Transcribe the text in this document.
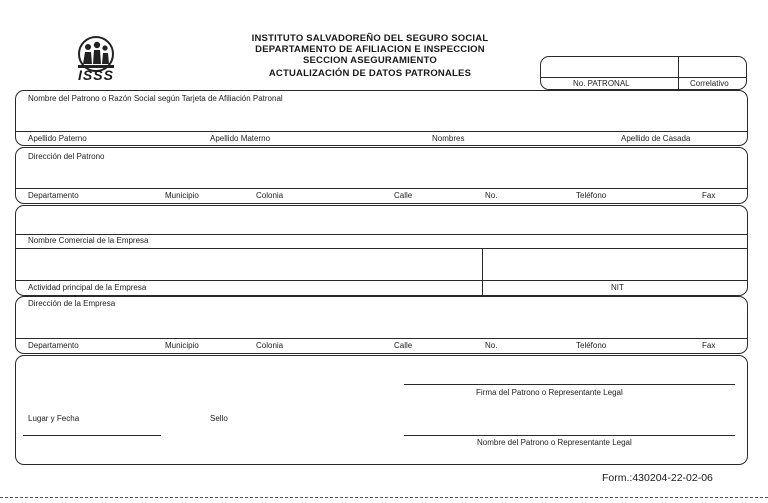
ISSS
INSTITUTO SALVADOREÑO DEL SEGURO SOCIAL
DEPARTAMENTO DE AFILIACION E INSPECCION
SECCION ASEGURAMIENTO
ACTUALIZACIÓN DE DATOS PATRONALES
No. PATRONAL	Correlativo
Nombre del Patrono o Razón Social según Tarjeta de Afiliación Patronal
Apellido Paterno	Apellido Materno	Nombres	Apellido de Casada
Dirección del Patrono
Departamento	Municipio	Colonia	Calle	No.	Teléfono	Fax
Nombre Comercial de la Empresa
Actividad principal de la Empresa	NIT
Dirección de la Empresa
Departamento	Municipio	Colonia	Calle	No.	Teléfono	Fax
Firma del Patrono o Representante Legal
Lugar y Fecha	Sello
Nombre del Patrono o Representante Legal
Form.:430204-22-02-06
